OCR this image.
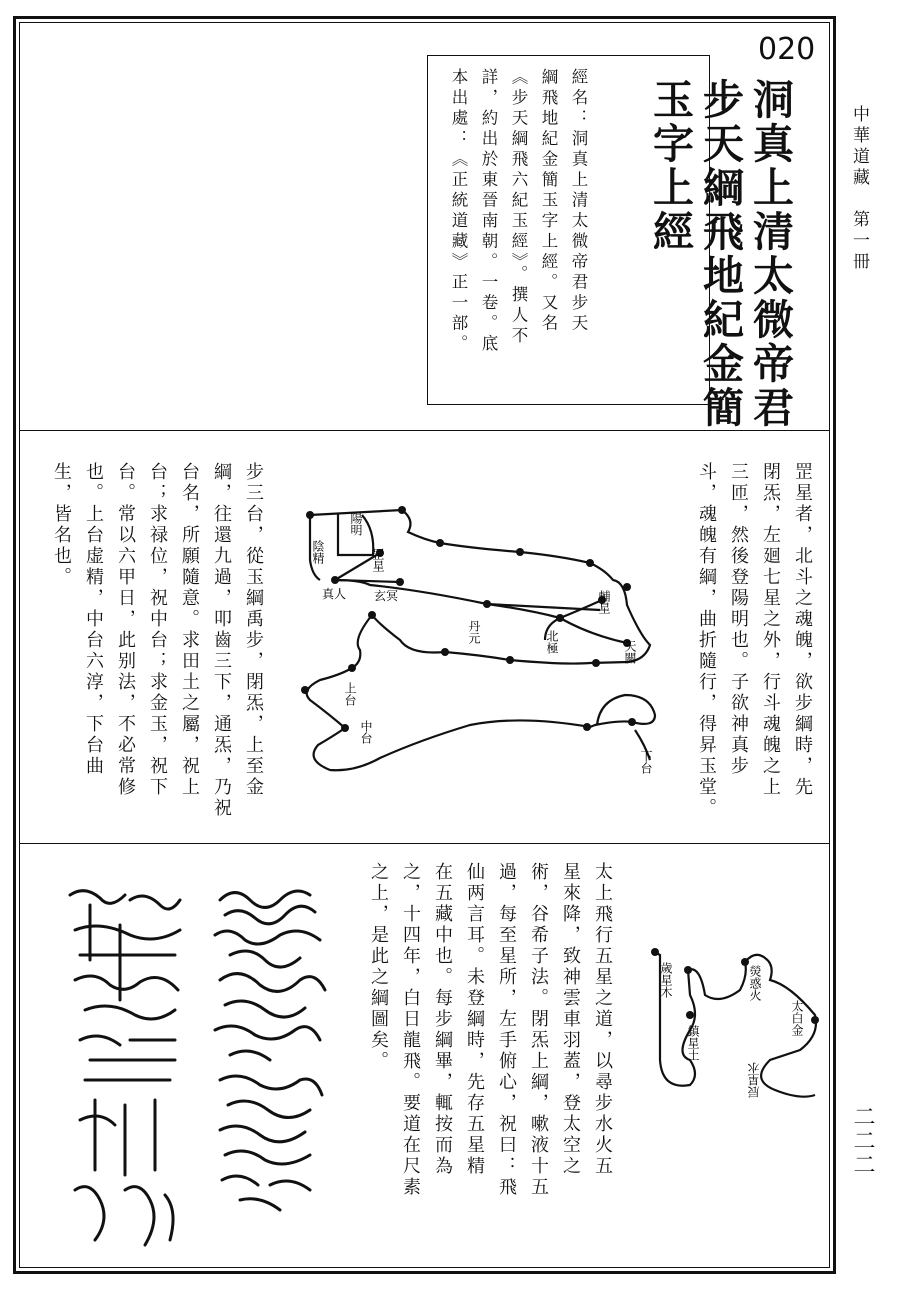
020
洞真上清太微帝君
步天綱飛地紀金簡
玉字上經
經名：洞真上清太微帝君步天
綱飛地紀金簡玉字上經。又名
《步天綱飛六紀玉經》。撰人不
詳，約出於東晉南朝。一卷。底
本出處：《正統道藏》正一部。	中華道藏　第一冊
二二二
罡星者，北斗之魂魄，欲步綱時，先
閉炁，左廻七星之外，行斗魂魄之上
三匝，然後登陽明也。子欲神真步
斗，魂魄有綱，曲折隨行，得昇玉堂。
步三台，從玉綱禹步，閉炁，上至金
綱，往還九過，叩齒三下，通炁，乃祝
台名，所願隨意。求田土之屬，祝上
台；求禄位，祝中台；求金玉，祝下
台。常以六甲日，此别法，不必常修
也。上台虚精，中台六淳，下台曲
生，皆名也。	陽明
陰精
真人
罡星
玄冥
丹元
輔星
北極	天關
上台
中台
下台
太上飛行五星之道，以尋步水火五
星來降，致神雲車羽蓋，登太空之
術，谷希子法。閉炁上綱，嗽液十五
過，每至星所，左手俯心，祝曰：飛
仙两言耳。未登綱時，先存五星精
在五藏中也。每步綱畢，輒按而為
之，十四年，白日龍飛。要道在尺素
之上，是此之綱圖矣。	歲星木	熒惑火
太白金
鎮星土
辰星水
